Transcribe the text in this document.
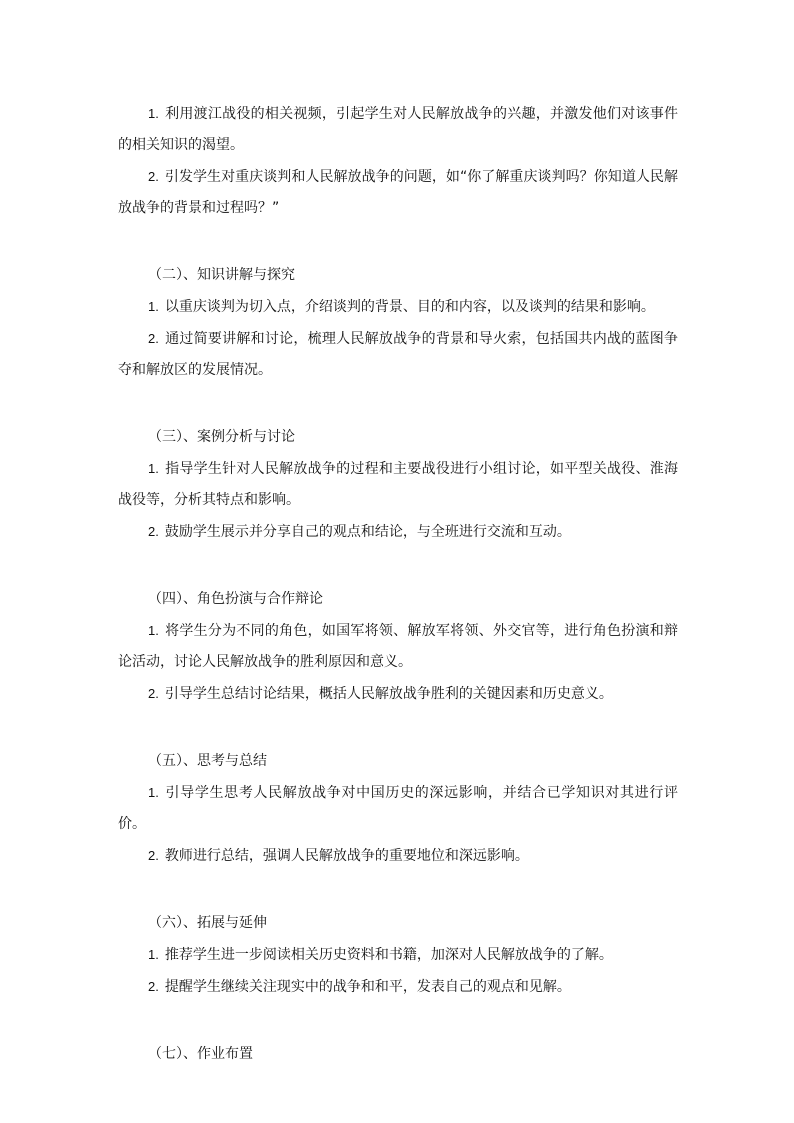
1. 利用渡江战役的相关视频，引起学生对人民解放战争的兴趣，并激发他们对该事件的相关知识的渴望。

2. 引发学生对重庆谈判和人民解放战争的问题，如“你了解重庆谈判吗？你知道人民解放战争的背景和过程吗？”

（二）、知识讲解与探究

1. 以重庆谈判为切入点，介绍谈判的背景、目的和内容，以及谈判的结果和影响。

2. 通过简要讲解和讨论，梳理人民解放战争的背景和导火索，包括国共内战的蓝图争夺和解放区的发展情况。

（三）、案例分析与讨论

1. 指导学生针对人民解放战争的过程和主要战役进行小组讨论，如平型关战役、淮海战役等，分析其特点和影响。

2. 鼓励学生展示并分享自己的观点和结论，与全班进行交流和互动。

（四）、角色扮演与合作辩论

1. 将学生分为不同的角色，如国军将领、解放军将领、外交官等，进行角色扮演和辩论活动，讨论人民解放战争的胜利原因和意义。

2. 引导学生总结讨论结果，概括人民解放战争胜利的关键因素和历史意义。

（五）、思考与总结

1. 引导学生思考人民解放战争对中国历史的深远影响，并结合已学知识对其进行评价。

2. 教师进行总结，强调人民解放战争的重要地位和深远影响。

（六）、拓展与延伸

1. 推荐学生进一步阅读相关历史资料和书籍，加深对人民解放战争的了解。

2. 提醒学生继续关注现实中的战争和和平，发表自己的观点和见解。

（七）、作业布置
